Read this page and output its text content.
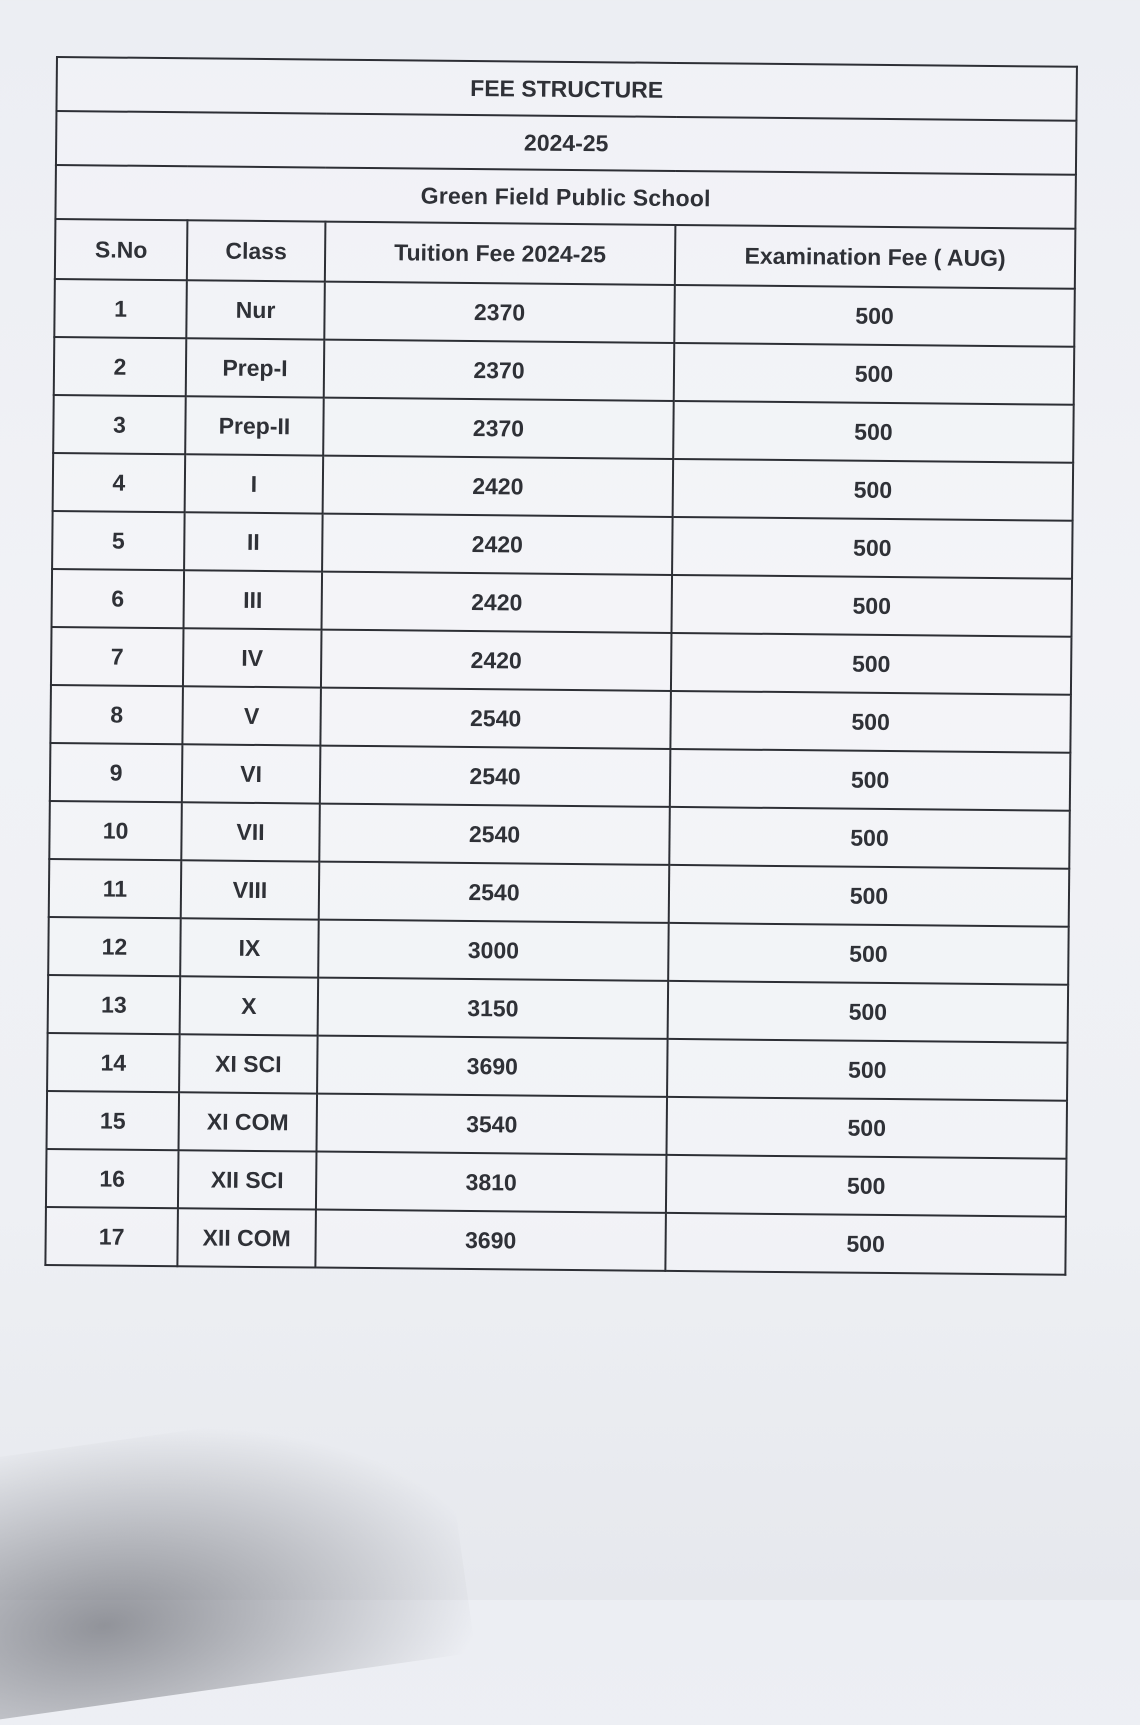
FEE STRUCTURE			
2024-25			
Green Field Public School			
S.No	Class	Tuition Fee 2024-25	Examination Fee ( AUG)
1	Nur	2370	500
2	Prep-I	2370	500
3	Prep-II	2370	500
4	I	2420	500
5	II	2420	500
6	III	2420	500
7	IV	2420	500
8	V	2540	500
9	VI	2540	500
10	VII	2540	500
11	VIII	2540	500
12	IX	3000	500
13	X	3150	500
14	XI SCI	3690	500
15	XI COM	3540	500
16	XII SCI	3810	500
17	XII COM	3690	500
